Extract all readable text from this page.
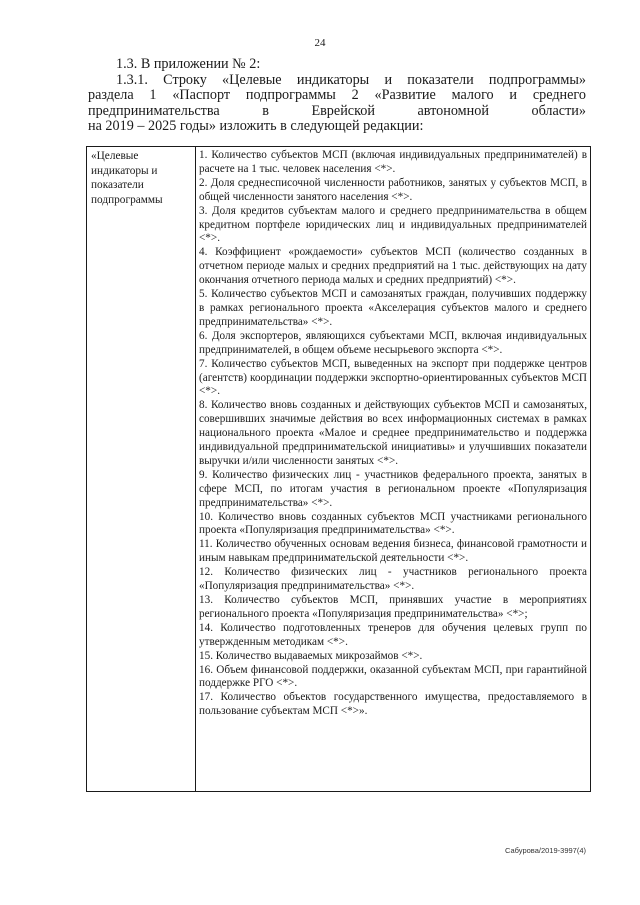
24

1.3. В приложении № 2:

1.3.1. Строку «Целевые индикаторы и показатели подпрограммы»

раздела 1 «Паспорт подпрограммы 2 «Развитие малого и среднего

предпринимательства в Еврейской автономной области»

на 2019 – 2025 годы» изложить в следующей редакции:

«Целевые индикаторы и показатели подпрограммы
1. Количество субъектов МСП (включая индивидуальных предпринимателей) в расчете на 1 тыс. человек населения <*>.
2. Доля среднесписочной численности работников, занятых у субъектов МСП, в общей численности занятого населения <*>.
3. Доля кредитов субъектам малого и среднего предпринимательства в общем кредитном портфеле юридических лиц и индивидуальных предпринимателей <*>.
4. Коэффициент «рождаемости» субъектов МСП (количество созданных в отчетном периоде малых и средних предприятий на 1 тыс. действующих на дату окончания отчетного периода малых и средних предприятий) <*>.
5. Количество субъектов МСП и самозанятых граждан, получивших поддержку в рамках регионального проекта «Акселерация субъектов малого и среднего предпринимательства» <*>.
6. Доля экспортеров, являющихся субъектами МСП, включая индивидуальных предпринимателей, в общем объеме несырьевого экспорта <*>.
7. Количество субъектов МСП, выведенных на экспорт при поддержке центров (агентств) координации поддержки экспортно-ориентированных субъектов МСП <*>.
8. Количество вновь созданных и действующих субъектов МСП и самозанятых, совершивших значимые действия во всех информационных системах в рамках национального проекта «Малое и среднее предпринимательство и поддержка индивидуальной предпринимательской инициативы» и улучшивших показатели выручки и/или численности занятых <*>.
9. Количество физических лиц - участников федерального проекта, занятых в сфере МСП, по итогам участия в региональном проекте «Популяризация предпринимательства» <*>.
10. Количество вновь созданных субъектов МСП участниками регионального проекта «Популяризация предпринимательства» <*>.
11. Количество обученных основам ведения бизнеса, финансовой грамотности и иным навыкам предпринимательской деятельности <*>.
12. Количество физических лиц - участников регионального проекта «Популяризация предпринимательства» <*>.
13. Количество субъектов МСП, принявших участие в мероприятиях регионального проекта «Популяризация предпринимательства» <*>;
14. Количество подготовленных тренеров для обучения целевых групп по утвержденным методикам <*>.
15. Количество выдаваемых микрозаймов <*>.
16. Объем финансовой поддержки, оказанной субъектам МСП, при гарантийной поддержке РГО <*>.
17. Количество объектов государственного имущества, предоставляемого в пользование субъектам МСП <*>».
Сабурова/2019-3997(4)
